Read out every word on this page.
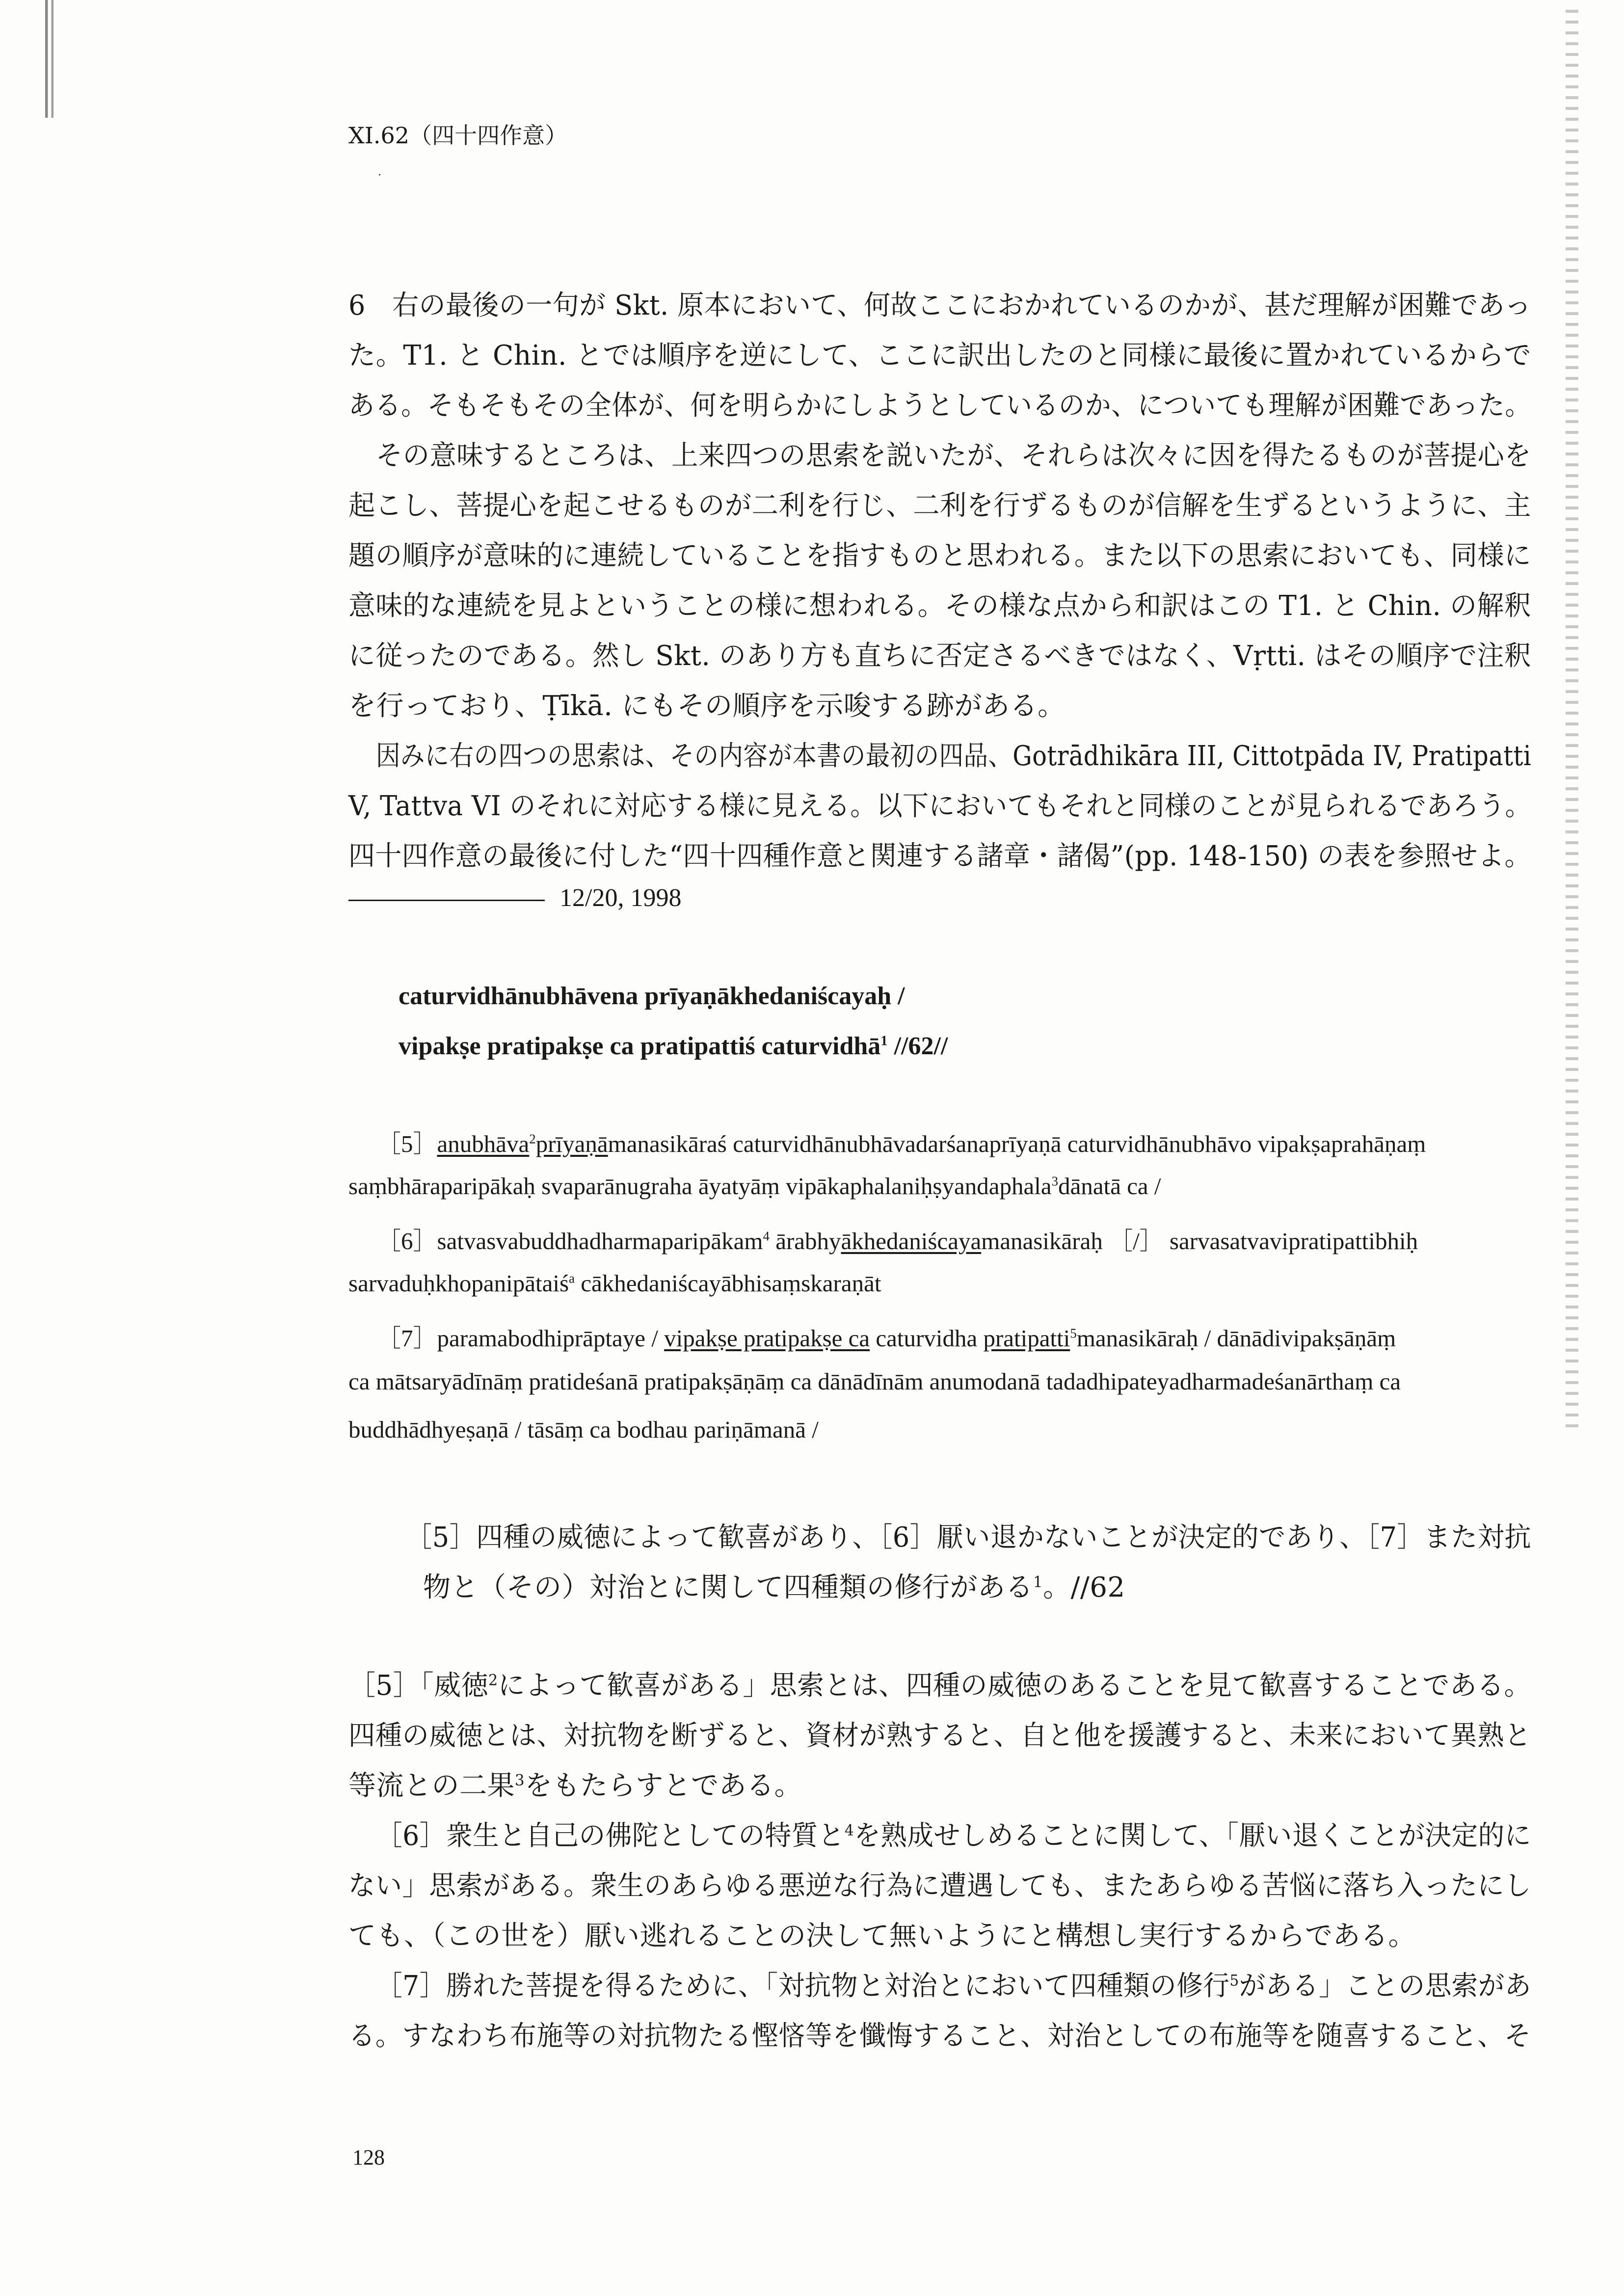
XI.62（四十四作意）
·
6　右の最後の一句が Skt. 原本において、何故ここにおかれているのかが、甚だ理解が困難であっ
た。T1. と Chin. とでは順序を逆にして、ここに訳出したのと同様に最後に置かれているからで
ある。そもそもその全体が、何を明らかにしようとしているのか、についても理解が困難であった。
その意味するところは、上来四つの思索を説いたが、それらは次々に因を得たるものが菩提心を
起こし、菩提心を起こせるものが二利を行じ、二利を行ずるものが信解を生ずるというように、主
題の順序が意味的に連続していることを指すものと思われる。また以下の思索においても、同様に
意味的な連続を見よということの様に想われる。その様な点から和訳はこの T1. と Chin. の解釈
に従ったのである。然し Skt. のあり方も直ちに否定さるべきではなく、Vṛtti. はその順序で注釈
を行っており、Ṭīkā. にもその順序を示唆する跡がある。
因みに右の四つの思索は、その内容が本書の最初の四品、Gotrādhikāra III, Cittotpāda IV, Pratipatti
V, Tattva VI のそれに対応する様に見える。以下においてもそれと同様のことが見られるであろう。
四十四作意の最後に付した“四十四種作意と関連する諸章・諸偈”(pp. 148-150) の表を参照せよ。
12/20, 1998
caturvidhānubhāvena prīyaṇākhedaniścayaḥ /
vipakṣe pratipakṣe ca pratipattiś caturvidhā$^1$ //62//
［5］anubhāva$^2$prīyaṇāmanasikāraś caturvidhānubhāvadarśanaprīyaṇā caturvidhānubhāvo vipakṣaprahāṇaṃ
saṃbhāraparipākaḥ svaparānugraha āyatyāṃ vipākaphalaniḥṣyandaphala$^3$dānatā ca /
［6］satvasvabuddhadharmaparipākam$^4$ ārabhyākhedaniścayamanasikāraḥ ［/］ sarvasatvavipratipattibhiḥ
sarvaduḥkhopanipātaiś$^a$ cākhedaniścayābhisaṃskaraṇāt
［7］paramabodhiprāptaye / vipakṣe pratipakṣe ca caturvidha pratipatti$^5$manasikāraḥ / dānādivipakṣāṇāṃ
ca mātsaryādīnāṃ pratideśanā pratipakṣāṇāṃ ca dānādīnām anumodanā tadadhipateyadharmadeśanārthaṃ ca
buddhādhyeṣaṇā / tāsāṃ ca bodhau pariṇāmanā /
［5］四種の威徳によって歓喜があり、［6］厭い退かないことが決定的であり、［7］また対抗
物と（その）対治とに関して四種類の修行がある$^1$。//62
［5］「威徳$^2$によって歓喜がある」思索とは、四種の威徳のあることを見て歓喜することである。
四種の威徳とは、対抗物を断ずると、資材が熟すると、自と他を援護すると、未来において異熟と
等流との二果$^3$をもたらすとである。
［6］衆生と自己の佛陀としての特質と$^4$を熟成せしめることに関して、「厭い退くことが決定的に
ない」思索がある。衆生のあらゆる悪逆な行為に遭遇しても、またあらゆる苦悩に落ち入ったにし
ても、（この世を）厭い逃れることの決して無いようにと構想し実行するからである。
［7］勝れた菩提を得るために、「対抗物と対治とにおいて四種類の修行$^5$がある」ことの思索があ
る。すなわち布施等の対抗物たる慳悋等を懺悔すること、対治としての布施等を随喜すること、そ
128
